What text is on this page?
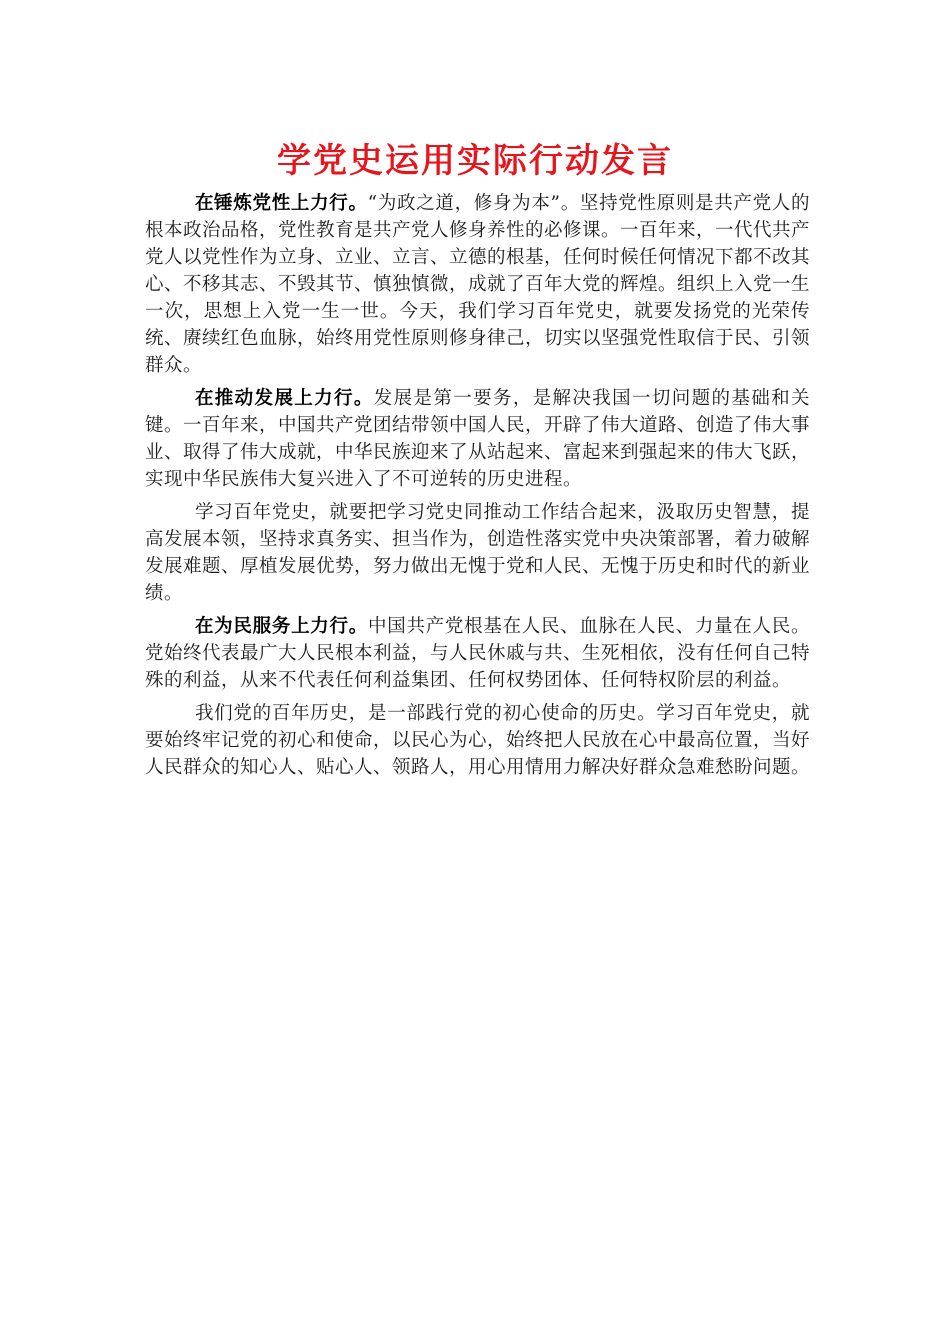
学党史运用实际行动发言

在锤炼党性上力行。“为政之道，修身为本”。坚持党性原则是共产党人的根本政治品格，党性教育是共产党人修身养性的必修课。一百年来，一代代共产党人以党性作为立身、立业、立言、立德的根基，任何时候任何情况下都不改其心、不移其志、不毁其节、慎独慎微，成就了百年大党的辉煌。组织上入党一生一次，思想上入党一生一世。今天，我们学习百年党史，就要发扬党的光荣传统、赓续红色血脉，始终用党性原则修身律己，切实以坚强党性取信于民、引领群众。

在推动发展上力行。发展是第一要务，是解决我国一切问题的基础和关键。一百年来，中国共产党团结带领中国人民，开辟了伟大道路、创造了伟大事业、取得了伟大成就，中华民族迎来了从站起来、富起来到强起来的伟大飞跃，实现中华民族伟大复兴进入了不可逆转的历史进程。

学习百年党史，就要把学习党史同推动工作结合起来，汲取历史智慧，提高发展本领，坚持求真务实、担当作为，创造性落实党中央决策部署，着力破解发展难题、厚植发展优势，努力做出无愧于党和人民、无愧于历史和时代的新业绩。

在为民服务上力行。中国共产党根基在人民、血脉在人民、力量在人民。党始终代表最广大人民根本利益，与人民休戚与共、生死相依，没有任何自己特殊的利益，从来不代表任何利益集团、任何权势团体、任何特权阶层的利益。

我们党的百年历史，是一部践行党的初心使命的历史。学习百年党史，就要始终牢记党的初心和使命，以民心为心，始终把人民放在心中最高位置，当好人民群众的知心人、贴心人、领路人，用心用情用力解决好群众急难愁盼问题。
